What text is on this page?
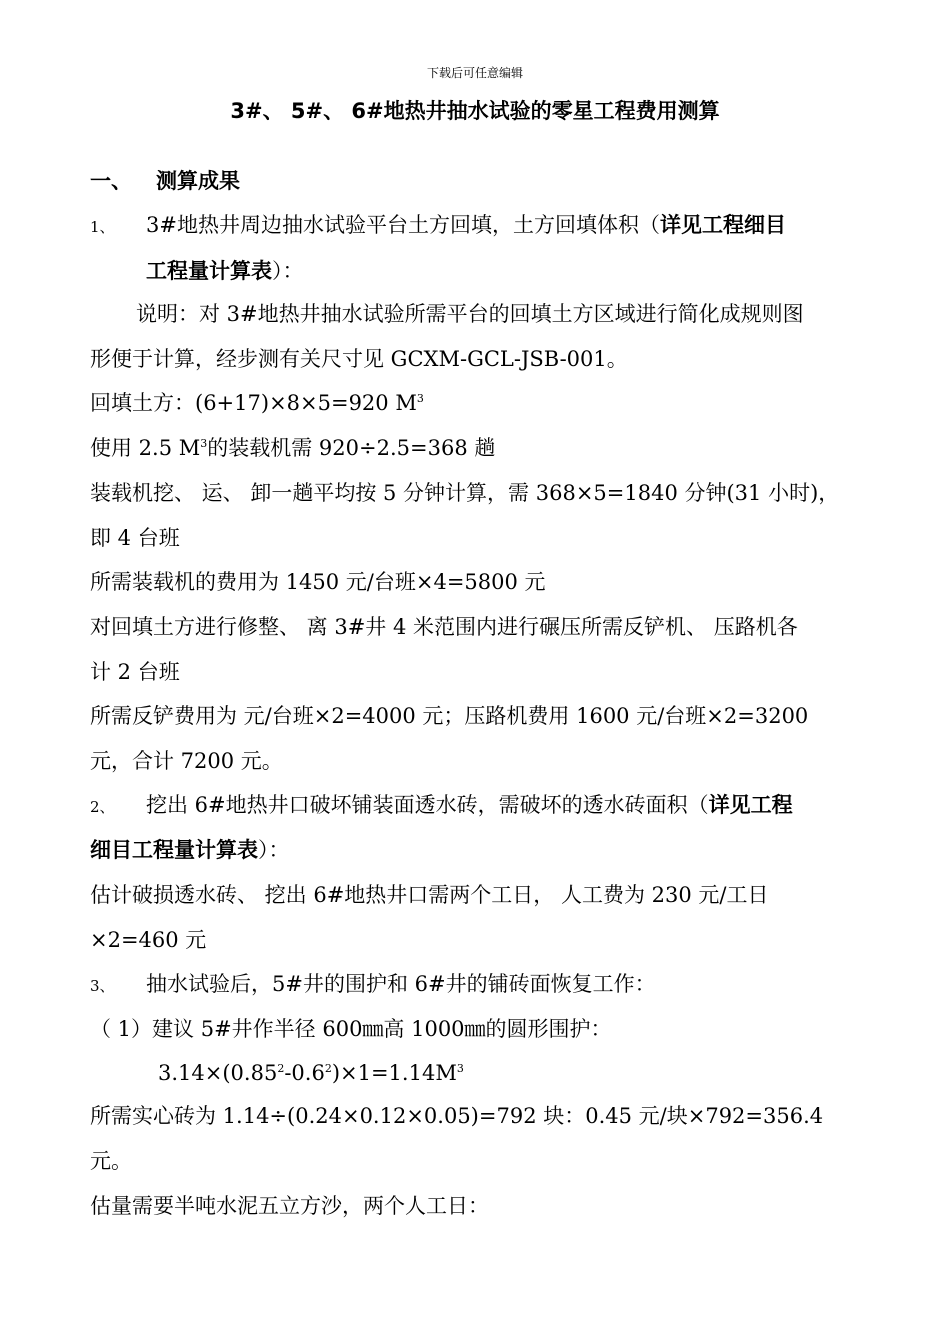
下载后可任意编辑
3#、 5#、 6#地热井抽水试验的零星工程费用测算
一、 测算成果
1、 3#地热井周边抽水试验平台土方回填，土方回填体积（详见工程细目
工程量计算表）：
说明：对 3#地热井抽水试验所需平台的回填土方区域进行简化成规则图
形便于计算，经步测有关尺寸见 GCXM-GCL-JSB-001。
回填土方：(6+17)×8×5=920 $M^3$
使用 2.5 $M^3$的装载机需 920÷2.5=368 趟
装载机挖、 运、 卸一趟平均按 5 分钟计算，需 368×5=1840 分钟(31 小时)，
即 4 台班
所需装载机的费用为 1450 元/台班×4=5800 元
对回填土方进行修整、 离 3#井 4 米范围内进行碾压所需反铲机、 压路机各
计 2 台班
所需反铲费用为 元/台班×2=4000 元；压路机费用 1600 元/台班×2=3200
元，合计 7200 元。
2、 挖出 6#地热井口破坏铺装面透水砖，需破坏的透水砖面积（详见工程
细目工程量计算表）：
估计破损透水砖、 挖出 6#地热井口需两个工日， 人工费为 230 元/工日
×2=460 元
3、 抽水试验后，5#井的围护和 6#井的铺砖面恢复工作：
（ 1）建议 5#井作半径 600㎜高 1000㎜的圆形围护：
$3.14\times(0.85^2-0.6^2)\times 1=1.14M^3$
所需实心砖为 1.14÷(0.24×0.12×0.05)=792 块：0.45 元/块×792=356.4
元。
估量需要半吨水泥五立方沙，两个人工日：
